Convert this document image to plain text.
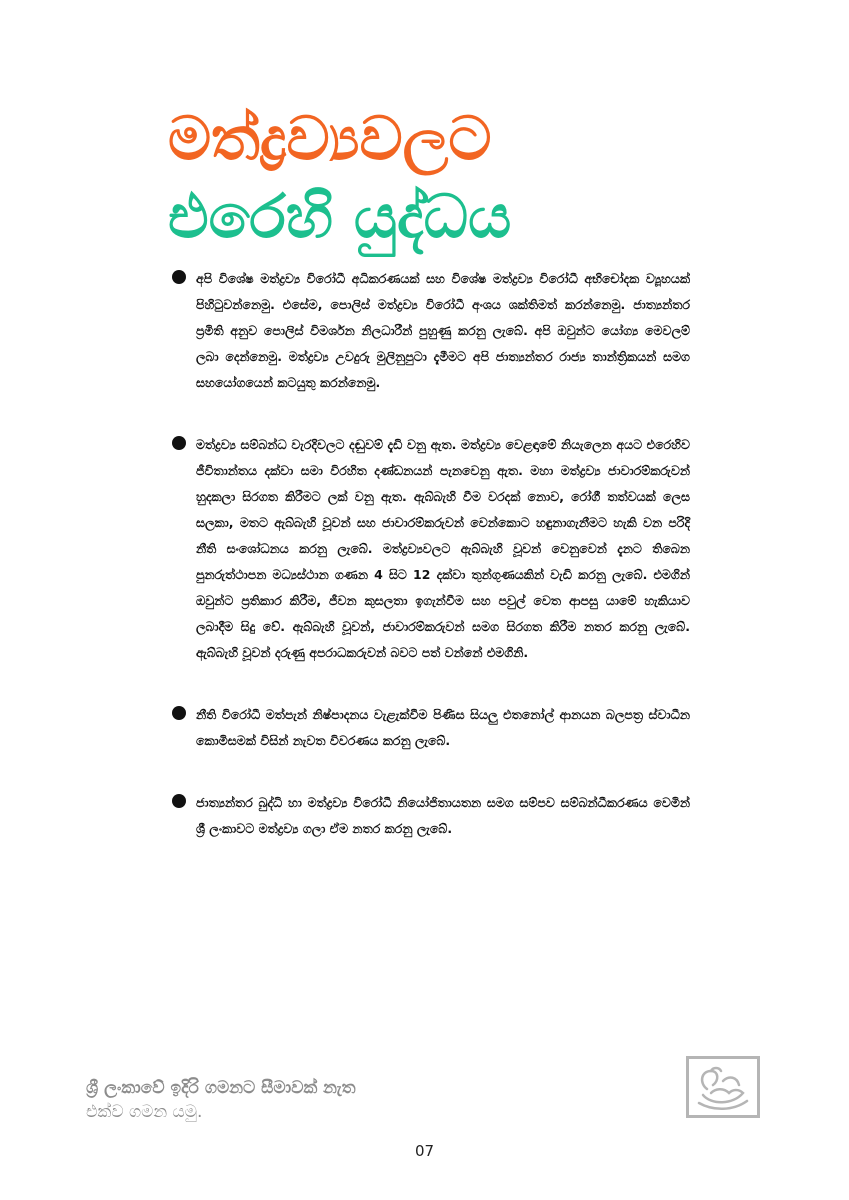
මත්ද්‍රව්‍යවලට
එරෙහි යුද්ධය

අපි විශේෂ මත්ද්‍රව්‍ය විරෝධී අධිකරණයක් සහ විශේෂ මත්ද්‍රව්‍ය විරෝධී අභිචෝදක ව්‍යූහයක් පිහිටුවන්නෙමු. එසේම, පොලිස් මත්ද්‍රව්‍ය විරෝධී අංශය ශක්තිමත් කරන්නෙමු. ජාත්‍යන්තර ප්‍රමිති අනුව පොලිස් විමර්ශන නිලධාරීන් පුහුණු කරනු ලැබේ. අපි ඔවුන්ට යෝග්‍ය මෙවලම් ලබා දෙන්නෙමු. මත්ද්‍රව්‍ය උවදුරු මුලිනුපුටා දැමීමට අපි ජාත්‍යන්තර රාජ්‍ය තාන්ත්‍රිකයන් සමග සහයෝගයෙන් කටයුතු කරන්නෙමු.

මත්ද්‍රව්‍ය සම්බන්ධ වැරදිවලට දඬුවම් දැඩි වනු ඇත. මත්ද්‍රව්‍ය වෙළඳාමේ නියැලෙන අයට එරෙහිව ජීවිතාන්තය දක්වා සමා විරහිත දණ්ඩනයන් පැනවෙනු ඇත. මහා මත්ද්‍රව්‍ය ජාවාරම්කරුවන් හුදකලා සිරගත කිරීමට ලක් වනු ඇත. ඇබ්බැහි වීම වරදක් නොව, රෝගී තත්වයක් ලෙස සලකා, මතට ඇබ්බැහි වූවන් සහ ජාවාරම්කරුවන් වෙන්කොට හඳුනාගැනීමට හැකි වන පරිදි නීති සංශෝධනය කරනු ලැබේ. මත්ද්‍රව්‍යවලට ඇබ්බැහි වූවන් වෙනුවෙන් දැනට තිබෙන පුනරුත්ථාපන මධ්‍යස්ථාන ගණන 4 සිට 12 දක්වා තුන්ගුණයකින් වැඩි කරනු ලැබේ. එමගින් ඔවුන්ට ප්‍රතිකාර කිරීම, ජීවන කුසලතා ඉගැන්වීම සහ පවුල් වෙත ආපසු යාමේ හැකියාව ලබාදීම සිදු වේ. ඇබ්බැහි වූවන්, ජාවාරම්කරුවන් සමග සිරගත කිරීම නතර කරනු ලැබේ. ඇබ්බැහි වූවන් දරුණු අපරාධකරුවන් බවට පත් වන්නේ එමගිනි.

නීති විරෝධී මත්පැන් නිෂ්පාදනය වැළැක්වීම පිණිස සියලු එතනෝල් ආනයන බලපත්‍ර ස්වාධීන කොමිසමක් විසින් නැවත විවරණය කරනු ලැබේ.

ජාත්‍යන්තර බුද්ධි හා මත්ද්‍රව්‍ය විරෝධී නියෝජිතායතන සමග සම්පව සම්බන්ධීකරණය වෙමින් ශ්‍රී ලංකාවට මත්ද්‍රව්‍ය ගලා ඒම නතර කරනු ලැබේ.

ශ්‍රී ලංකාවේ ඉදිරි ගමනට සීමාවක් නැත
එක්ව ගමන යමු.
07
